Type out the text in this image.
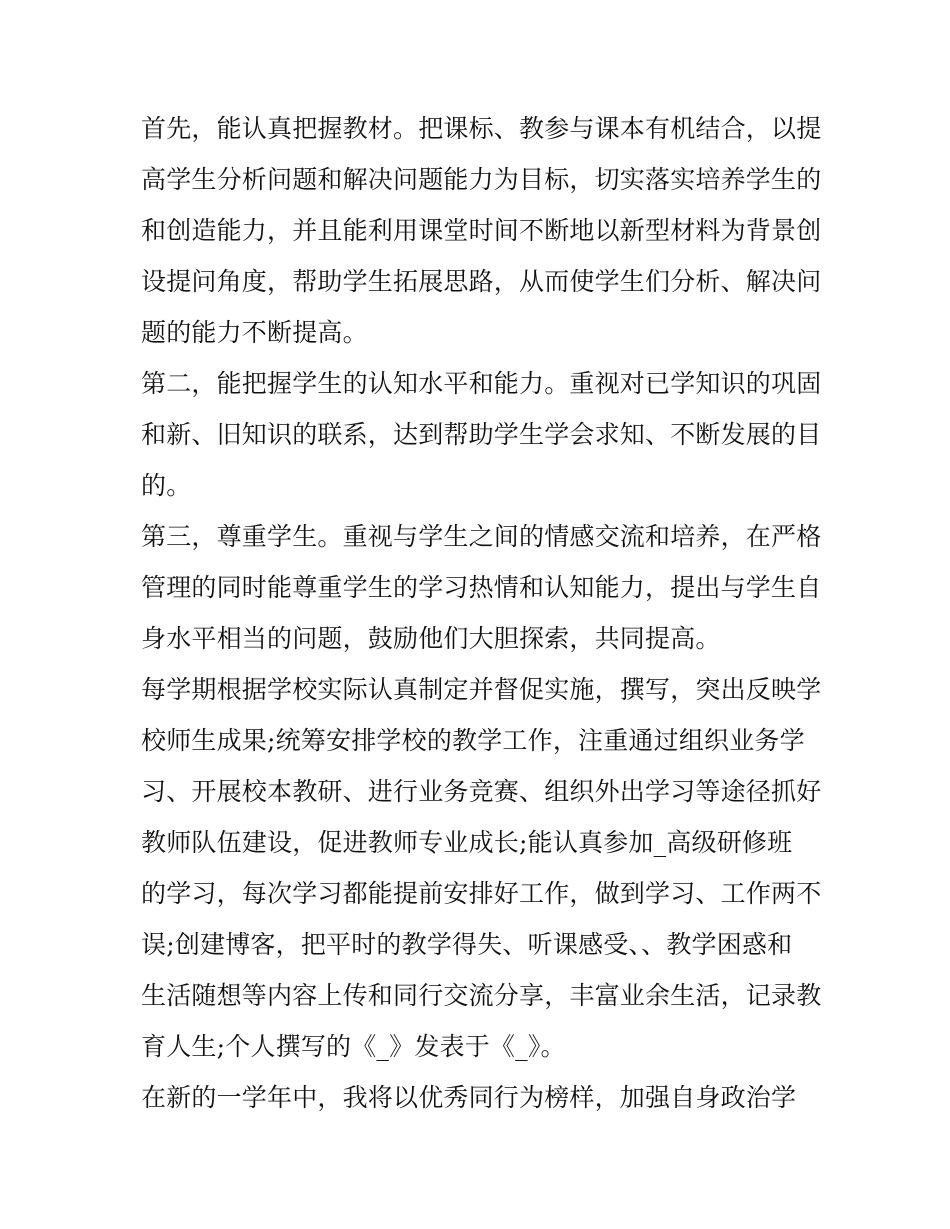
首先，能认真把握教材。把课标、教参与课本有机结合，以提
高学生分析问题和解决问题能力为目标，切实落实培养学生的
和创造能力，并且能利用课堂时间不断地以新型材料为背景创
设提问角度，帮助学生拓展思路，从而使学生们分析、解决问
题的能力不断提高。
第二，能把握学生的认知水平和能力。重视对已学知识的巩固
和新、旧知识的联系，达到帮助学生学会求知、不断发展的目
的。
第三，尊重学生。重视与学生之间的情感交流和培养，在严格
管理的同时能尊重学生的学习热情和认知能力，提出与学生自
身水平相当的问题，鼓励他们大胆探索，共同提高。
每学期根据学校实际认真制定并督促实施，撰写，突出反映学
校师生成果;统筹安排学校的教学工作，注重通过组织业务学
习、开展校本教研、进行业务竞赛、组织外出学习等途径抓好
教师队伍建设，促进教师专业成长;能认真参加_高级研修班
的学习，每次学习都能提前安排好工作，做到学习、工作两不
误;创建博客，把平时的教学得失、听课感受、、教学困惑和
生活随想等内容上传和同行交流分享，丰富业余生活，记录教
育人生;个人撰写的《_》发表于《_》。
在新的一学年中，我将以优秀同行为榜样，加强自身政治学
